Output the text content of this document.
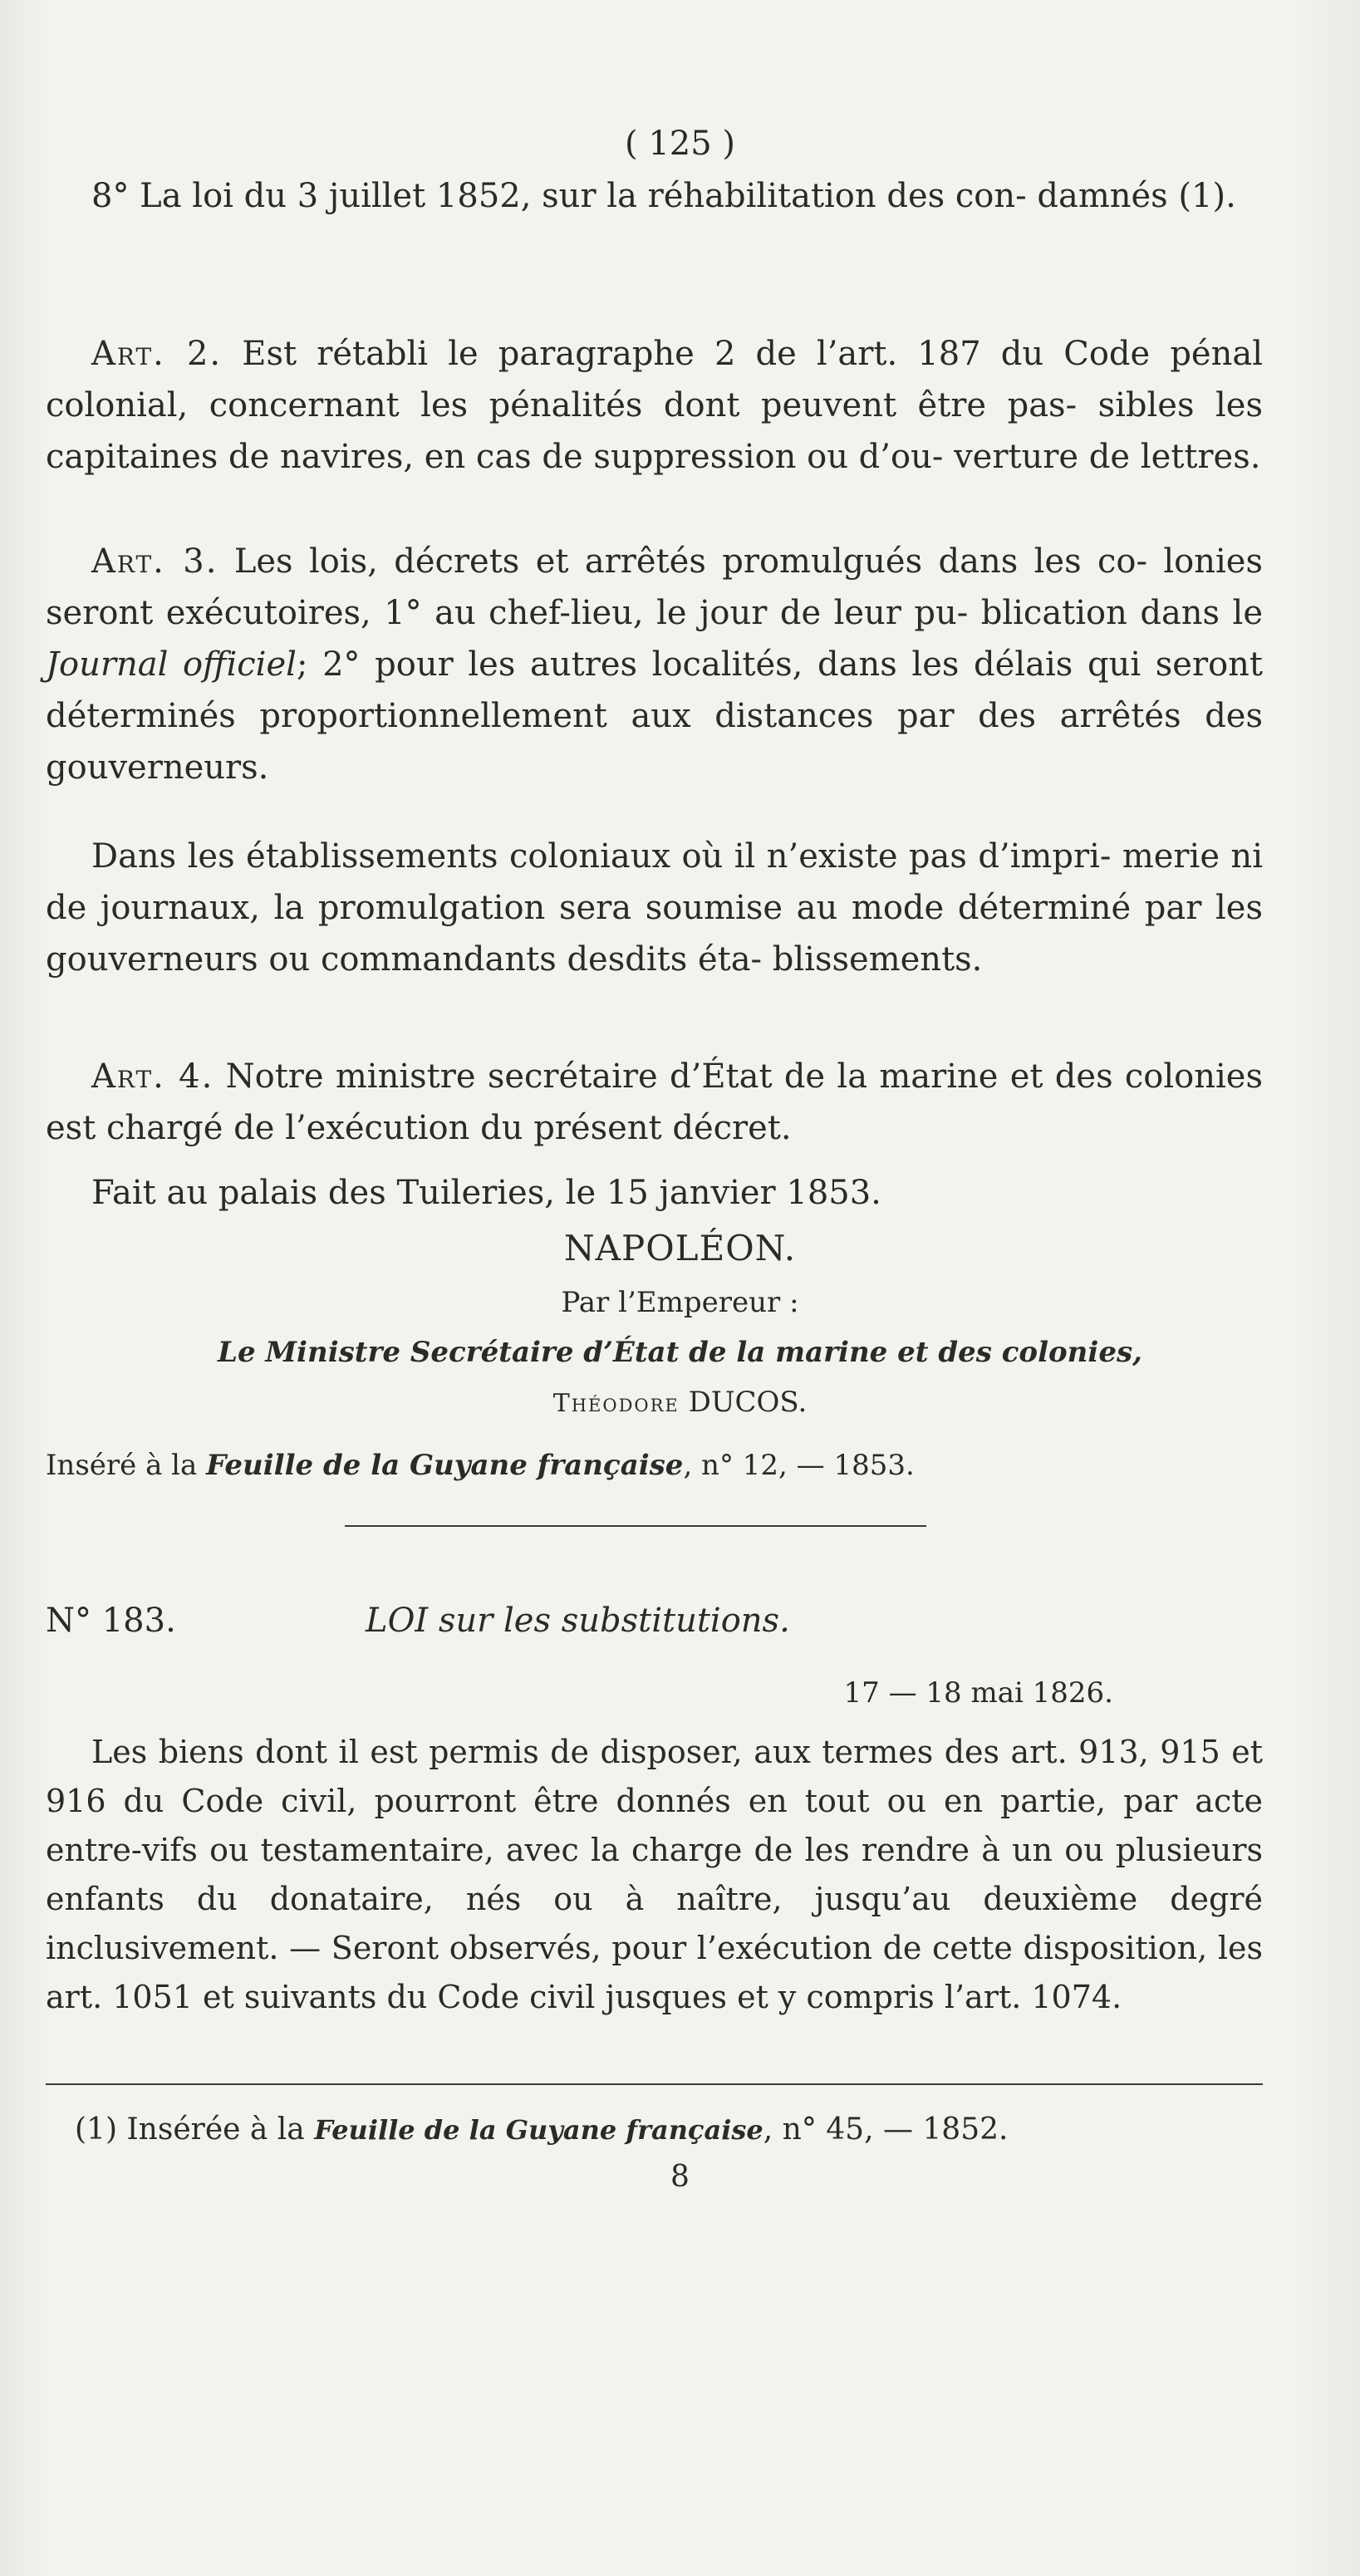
( 125 )
8° La loi du 3 juillet 1852, sur la réhabilitation des con- damnés (1).
Art. 2. Est rétabli le paragraphe 2 de l’art. 187 du Code pénal colonial, concernant les pénalités dont peuvent être pas- sibles les capitaines de navires, en cas de suppression ou d’ou- verture de lettres.
Art. 3. Les lois, décrets et arrêtés promulgués dans les co- lonies seront exécutoires, 1° au chef-lieu, le jour de leur pu- blication dans le Journal officiel; 2° pour les autres localités, dans les délais qui seront déterminés proportionnellement aux distances par des arrêtés des gouverneurs.
Dans les établissements coloniaux où il n’existe pas d’impri- merie ni de journaux, la promulgation sera soumise au mode déterminé par les gouverneurs ou commandants desdits éta- blissements.
Art. 4. Notre ministre secrétaire d’État de la marine et des colonies est chargé de l’exécution du présent décret.
Fait au palais des Tuileries, le 15 janvier 1853.
NAPOLÉON.
Par l’Empereur :
Le Ministre Secrétaire d’État de la marine et des colonies,
Théodore DUCOS.
Inséré à la Feuille de la Guyane française, n° 12, — 1853.
N° 183.	LOI sur les substitutions.
17 — 18 mai 1826.
Les biens dont il est permis de disposer, aux termes des art. 913, 915 et 916 du Code civil, pourront être donnés en tout ou en partie, par acte entre-vifs ou testamentaire, avec la charge de les rendre à un ou plusieurs enfants du donataire, nés ou à naître, jusqu’au deuxième degré inclusivement. — Seront observés, pour l’exécution de cette disposition, les art. 1051 et suivants du Code civil jusques et y compris l’art. 1074.
(1) Insérée à la Feuille de la Guyane française, n° 45, — 1852.
8
